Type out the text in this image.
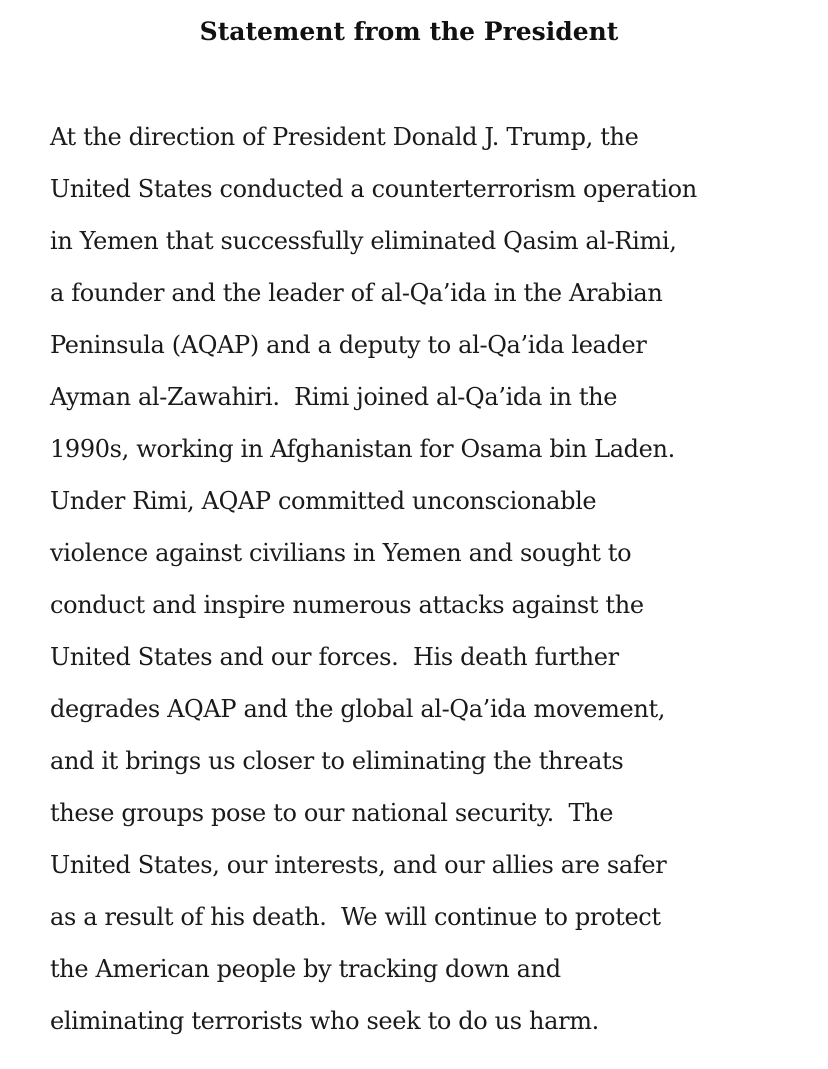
Statement from the President
At the direction of President Donald J. Trump, the
United States conducted a counterterrorism operation
in Yemen that successfully eliminated Qasim al-Rimi,
a founder and the leader of al-Qa’ida in the Arabian
Peninsula (AQAP) and a deputy to al-Qa’ida leader
Ayman al-Zawahiri.  Rimi joined al-Qa’ida in the
1990s, working in Afghanistan for Osama bin Laden.
Under Rimi, AQAP committed unconscionable
violence against civilians in Yemen and sought to
conduct and inspire numerous attacks against the
United States and our forces.  His death further
degrades AQAP and the global al-Qa’ida movement,
and it brings us closer to eliminating the threats
these groups pose to our national security.  The
United States, our interests, and our allies are safer
as a result of his death.  We will continue to protect
the American people by tracking down and
eliminating terrorists who seek to do us harm.
